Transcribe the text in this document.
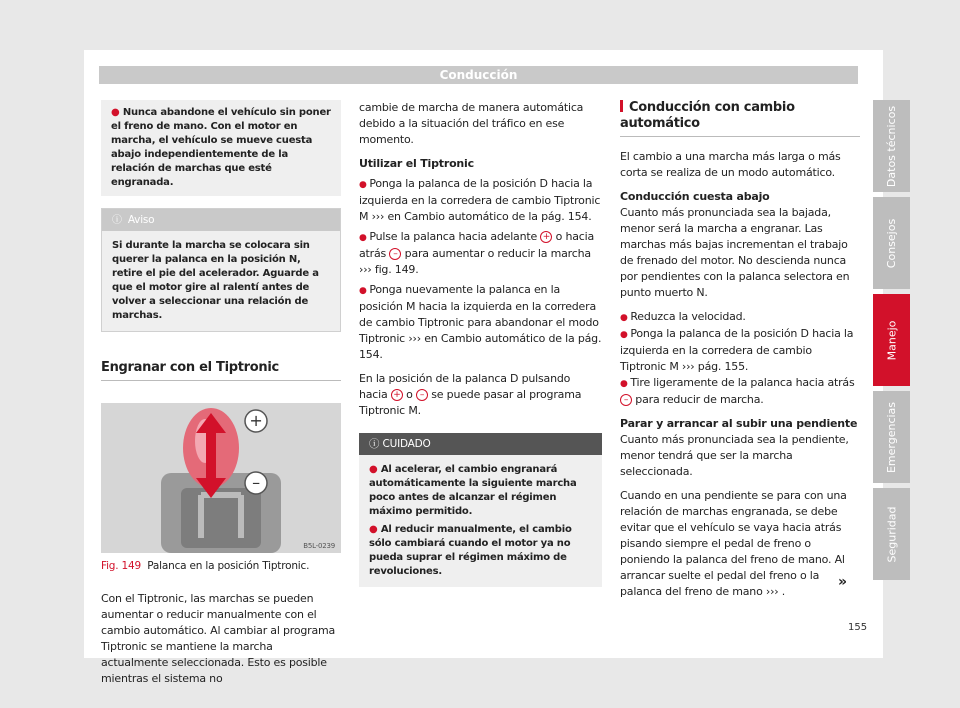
Conducción
● Nunca abandone el vehículo sin poner el freno de mano. Con el motor en marcha, el vehículo se mueve cuesta abajo independientemente de la relación de marchas que esté engranada.
ⓘ Aviso
Si durante la marcha se colocara sin querer la palanca en la posición N, retire el pie del acelerador. Aguarde a que el motor gire al ralentí antes de volver a seleccionar una relación de marchas.
Engranar con el Tiptronic
+
–
B5L-0239
Fig. 149 Palanca en la posición Tiptronic.
Con el Tiptronic, las marchas se pueden aumentar o reducir manualmente con el cambio automático. Al cambiar al programa Tiptronic se mantiene la marcha actualmente seleccionada. Esto es posible mientras el sistema no
cambie de marcha de manera automática debido a la situación del tráfico en ese momento.
Utilizar el Tiptronic
● Ponga la palanca de la posición D hacia la izquierda en la corredera de cambio Tiptronic M ››› en Cambio automático de la pág. 154.
● Pulse la palanca hacia adelante + o hacia atrás – para aumentar o reducir la marcha ››› fig. 149.
● Ponga nuevamente la palanca en la posición M hacia la izquierda en la corredera de cambio Tiptronic para abandonar el modo Tiptronic ››› en Cambio automático de la pág. 154.
En la posición de la palanca D pulsando hacia + o – se puede pasar al programa Tiptronic M.
ⓘ CUIDADO
● Al acelerar, el cambio engranará automáticamente la siguiente marcha poco antes de alcanzar el régimen máximo permitido.
● Al reducir manualmente, el cambio sólo cambiará cuando el motor ya no pueda suprar el régimen máximo de revoluciones.
Conducción con cambio automático
El cambio a una marcha más larga o más corta se realiza de un modo automático.
Conducción cuesta abajo
Cuanto más pronunciada sea la bajada, menor será la marcha a engranar. Las marchas más bajas incrementan el trabajo de frenado del motor. No descienda nunca por pendientes con la palanca selectora en punto muerto N.
● Reduzca la velocidad.
● Ponga la palanca de la posición D hacia la izquierda en la corredera de cambio Tiptronic M ››› pág. 155.
● Tire ligeramente de la palanca hacia atrás – para reducir de marcha.
Parar y arrancar al subir una pendiente
Cuanto más pronunciada sea la pendiente, menor tendrá que ser la marcha seleccionada.
Cuando en una pendiente se para con una relación de marchas engranada, se debe evitar que el vehículo se vaya hacia atrás pisando siempre el pedal de freno o poniendo la palanca del freno de mano. Al arrancar suelte el pedal del freno o la palanca del freno de mano ››› .
»
Datos técnicos
Consejos
Manejo
Emergencias
Seguridad
155
